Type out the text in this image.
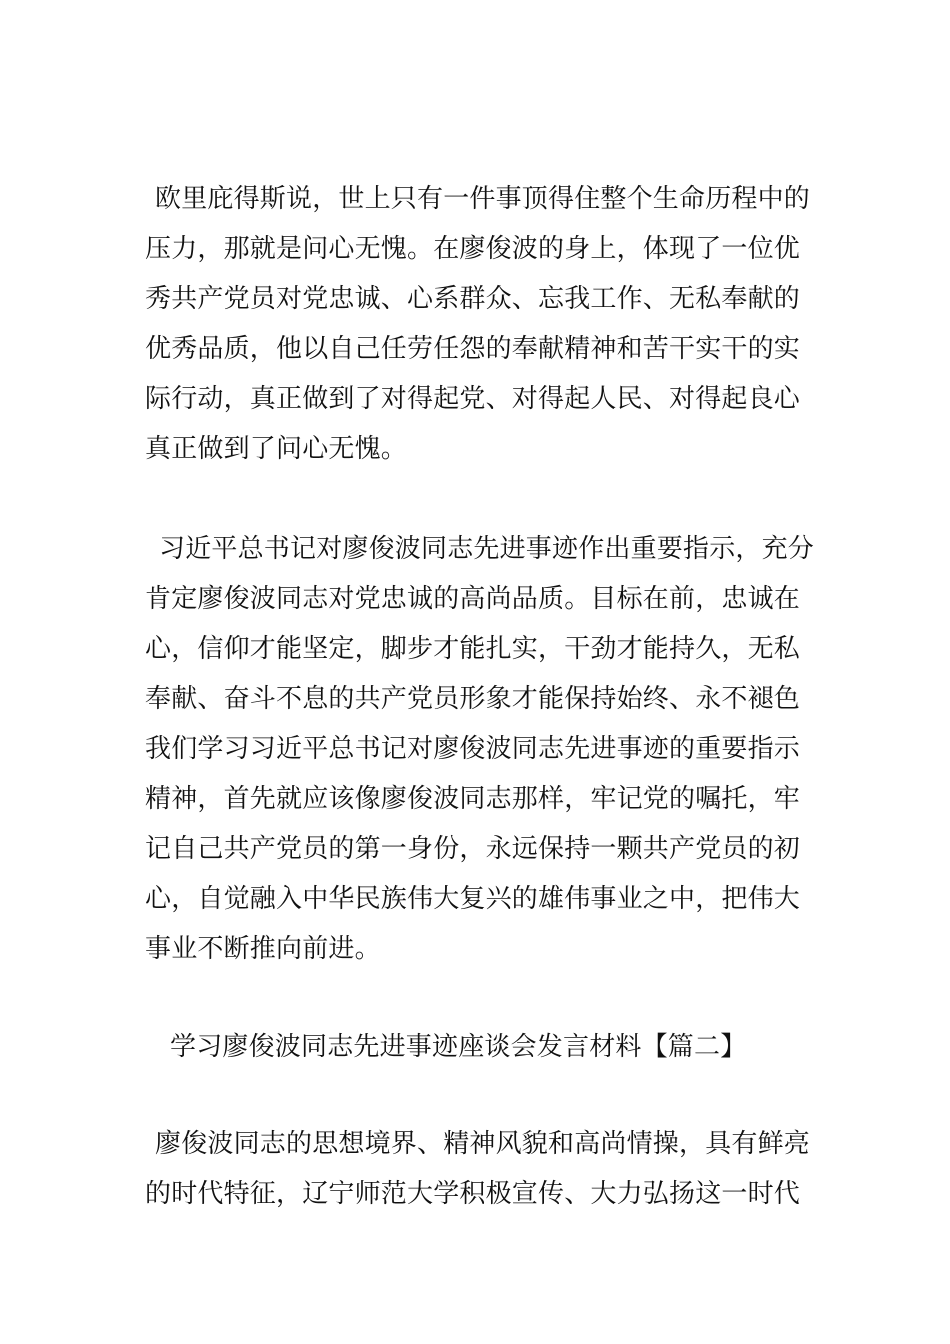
欧里庇得斯说，世上只有一件事顶得住整个生命历程中的
压力，那就是问心无愧。在廖俊波的身上，体现了一位优
秀共产党员对党忠诚、心系群众、忘我工作、无私奉献的
优秀品质，他以自己任劳任怨的奉献精神和苦干实干的实
际行动，真正做到了对得起党、对得起人民、对得起良心
真正做到了问心无愧。

习近平总书记对廖俊波同志先进事迹作出重要指示，充分
肯定廖俊波同志对党忠诚的高尚品质。目标在前，忠诚在
心，信仰才能坚定，脚步才能扎实，干劲才能持久，无私
奉献、奋斗不息的共产党员形象才能保持始终、永不褪色
我们学习习近平总书记对廖俊波同志先进事迹的重要指示
精神，首先就应该像廖俊波同志那样，牢记党的嘱托，牢
记自己共产党员的第一身份，永远保持一颗共产党员的初
心，自觉融入中华民族伟大复兴的雄伟事业之中，把伟大
事业不断推向前进。

学习廖俊波同志先进事迹座谈会发言材料【篇二】

廖俊波同志的思想境界、精神风貌和高尚情操，具有鲜亮
的时代特征，辽宁师范大学积极宣传、大力弘扬这一时代
